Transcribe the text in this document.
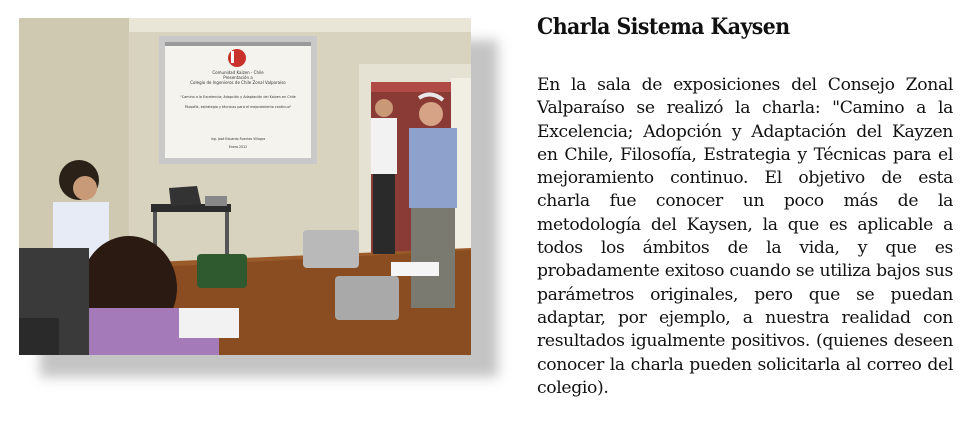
Comunidad Kaizen - Chile
Presentación a
Colegio de Ingenieros de Chile Zonal Valparaíso
"Camino a la Excelencia; Adopción y Adaptación del Kaizen en Chile
Filosofía, estrategia y técnicas para el mejoramiento continuo"
Ing. José Eduardo Fuentes Villagra
Enero 2012
Charla Sistema Kaysen
En la sala de exposiciones del Consejo Zonal Valparaíso se realizó la charla: "Camino a la Excelencia; Adopción y Adaptación del Kayzen en Chile, Filosofía, Estrategia y Técnicas para el mejoramiento continuo. El objetivo de esta charla fue conocer un poco más de la metodología del Kaysen, la que es aplicable a todos los ámbitos de la vida, y que es probadamente exitoso cuando se utiliza bajos sus parámetros originales, pero que se puedan adaptar, por ejemplo, a nuestra realidad con resultados igualmente positivos. (quienes deseen conocer la charla pueden solicitarla al correo del colegio).
